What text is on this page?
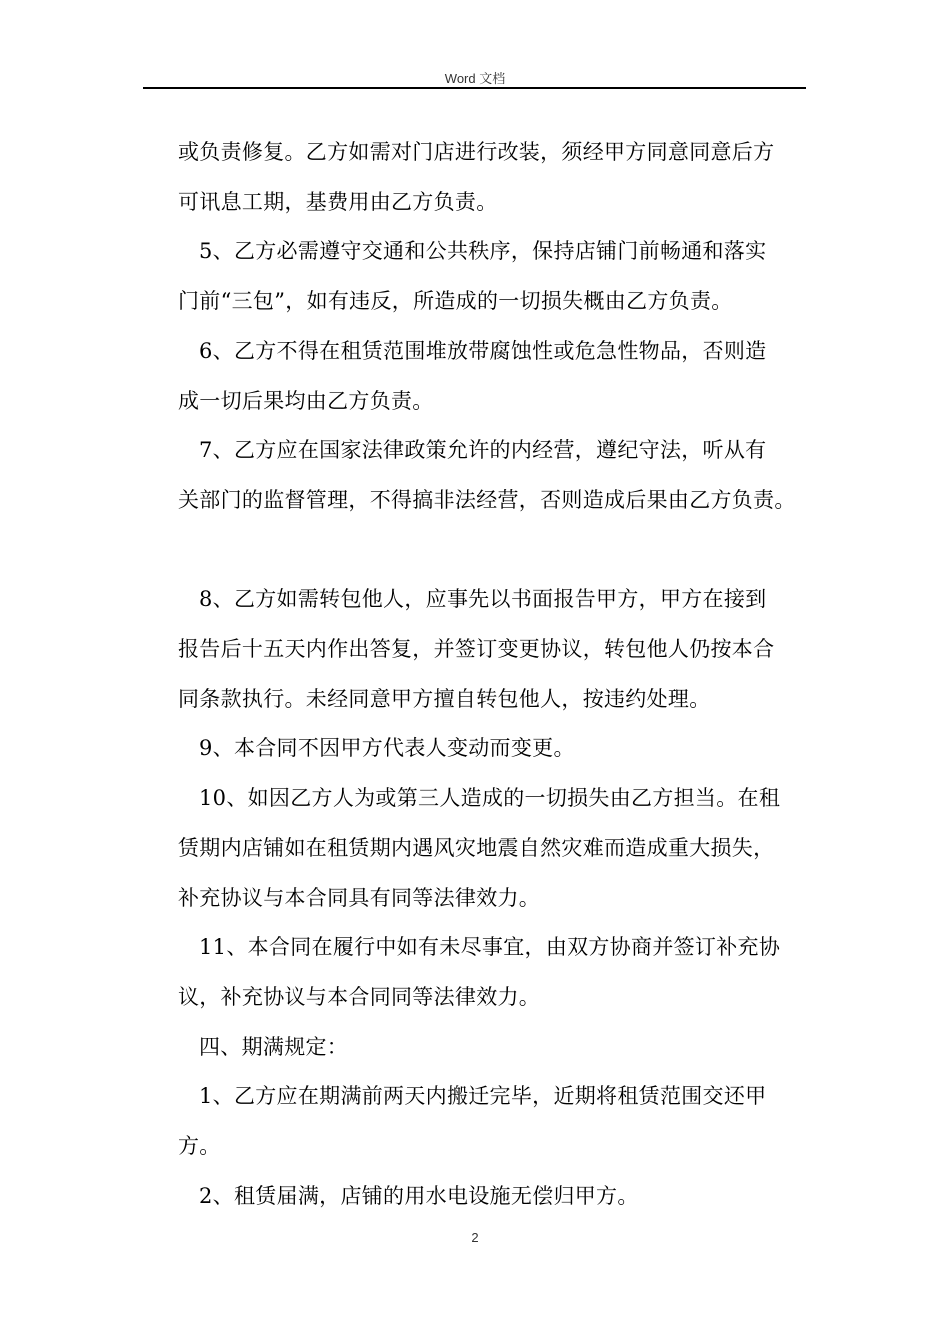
Word 文档
或负责修复。乙方如需对门店进行改装，须经甲方同意同意后方
可讯息工期，基费用由乙方负责。
5、乙方必需遵守交通和公共秩序，保持店铺门前畅通和落实
门前“三包”，如有违反，所造成的一切损失概由乙方负责。
6、乙方不得在租赁范围堆放带腐蚀性或危急性物品，否则造
成一切后果均由乙方负责。
7、乙方应在国家法律政策允许的内经营，遵纪守法，听从有
关部门的监督管理，不得搞非法经营，否则造成后果由乙方负责。
8、乙方如需转包他人，应事先以书面报告甲方，甲方在接到
报告后十五天内作出答复，并签订变更协议，转包他人仍按本合
同条款执行。未经同意甲方擅自转包他人，按违约处理。
9、本合同不因甲方代表人变动而变更。
10、如因乙方人为或第三人造成的一切损失由乙方担当。在租
赁期内店铺如在租赁期内遇风灾地震自然灾难而造成重大损失，
补充协议与本合同具有同等法律效力。
11、本合同在履行中如有未尽事宜，由双方协商并签订补充协
议，补充协议与本合同同等法律效力。
四、期满规定：
1、乙方应在期满前两天内搬迁完毕，近期将租赁范围交还甲
方。
2、租赁届满，店铺的用水电设施无偿归甲方。
2
